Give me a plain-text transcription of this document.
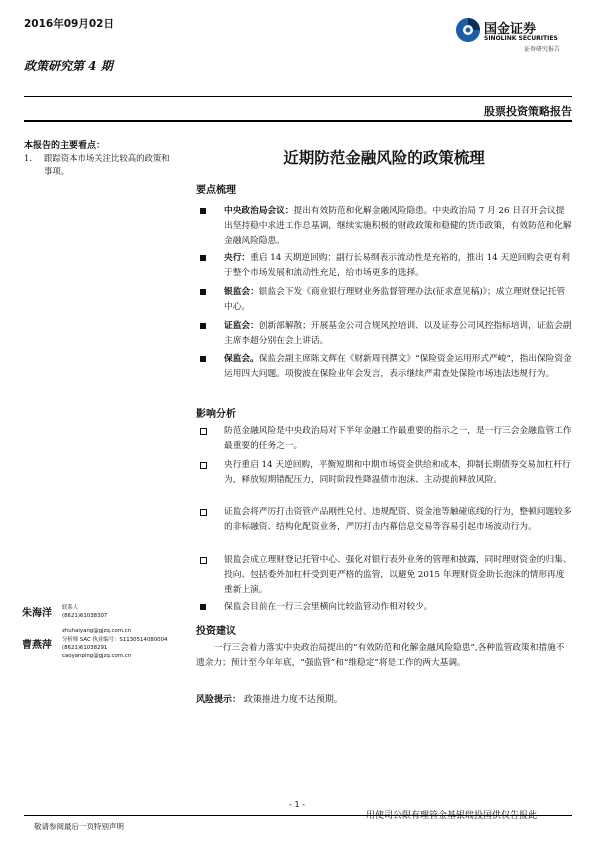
2016年09月02日
政策研究第 4 期
国金证券
SINOLINK SECURITIES
证券研究报告
股票投资策略报告
本报告的主要看点：
1. 跟踪资本市场关注比较高的政策和事项。
近期防范金融风险的政策梳理
要点梳理
中央政治局会议：提出有效防范和化解金融风险隐患。中央政治局 7 月 26 日召开会议提出坚持稳中求进工作总基调，继续实施积极的财政政策和稳健的货币政策，有效防范和化解金融风险隐患。
央行：重启 14 天期逆回购：副行长易纲表示流动性是充裕的，推出 14 天逆回购会更有利于整个市场发展和流动性充足，给市场更多的选择。
银监会：银监会下发《商业银行理财业务监督管理办法(征求意见稿)》；成立理财登记托管中心。
证监会：创新部解散；开展基金公司合规风控培训、以及证券公司风控指标培训，证监会副主席李超分别在会上讲话。
保监会。保监会副主席陈文辉在《财新周刊撰文》“保险资金运用形式严峻”，指出保险资金运用四大问题。项俊波在保险业年会发言，表示继续严肃查处保险市场违法违规行为。
影响分析
防范金融风险是中央政治局对下半年金融工作最重要的指示之一，是一行三会金融监管工作最重要的任务之一。
央行重启 14 天逆回购，平衡短期和中期市场资金供给和成本，抑制长期债券交易加杠杆行为，释放短期错配压力，同时阶段性降温债市泡沫、主动提前释放风险。
证监会将严厉打击资管产品刚性兑付、违规配资、资金池等触碰底线的行为，整顿问题较多的非标融资、结构化配资业务，严厉打击内幕信息交易等容易引起市场波动行为。
银监会成立理财登记托管中心、强化对银行表外业务的管理和披露，同时理财资金的归集、投向、包括委外加杠杆受到更严格的监管，以避免 2015 年理财资金助长泡沫的情形再度重新上演。
保监会目前在一行三会里横向比较监管动作相对较少。
投资建议
一行三会着力落实中央政治局提出的“有效防范和化解金融风险隐患”,各种监管政策和措施不遗余力；预计至今年年底，“强监管”和“维稳定”将是工作的两大基调。
风险提示： 政策推进力度不达预期。
朱海洋 联系人
(8621)61038307
zhuhaiyang@gjzq.com.cn
曹燕萍 分析师 SAC 执业编号：S1130514080004
(8621)61038291
caoyanping@gjzq.com.cn
- 1 -
用使司公限有理管金基银瑞投国供仅告报此
敬请参阅最后一页特别声明
